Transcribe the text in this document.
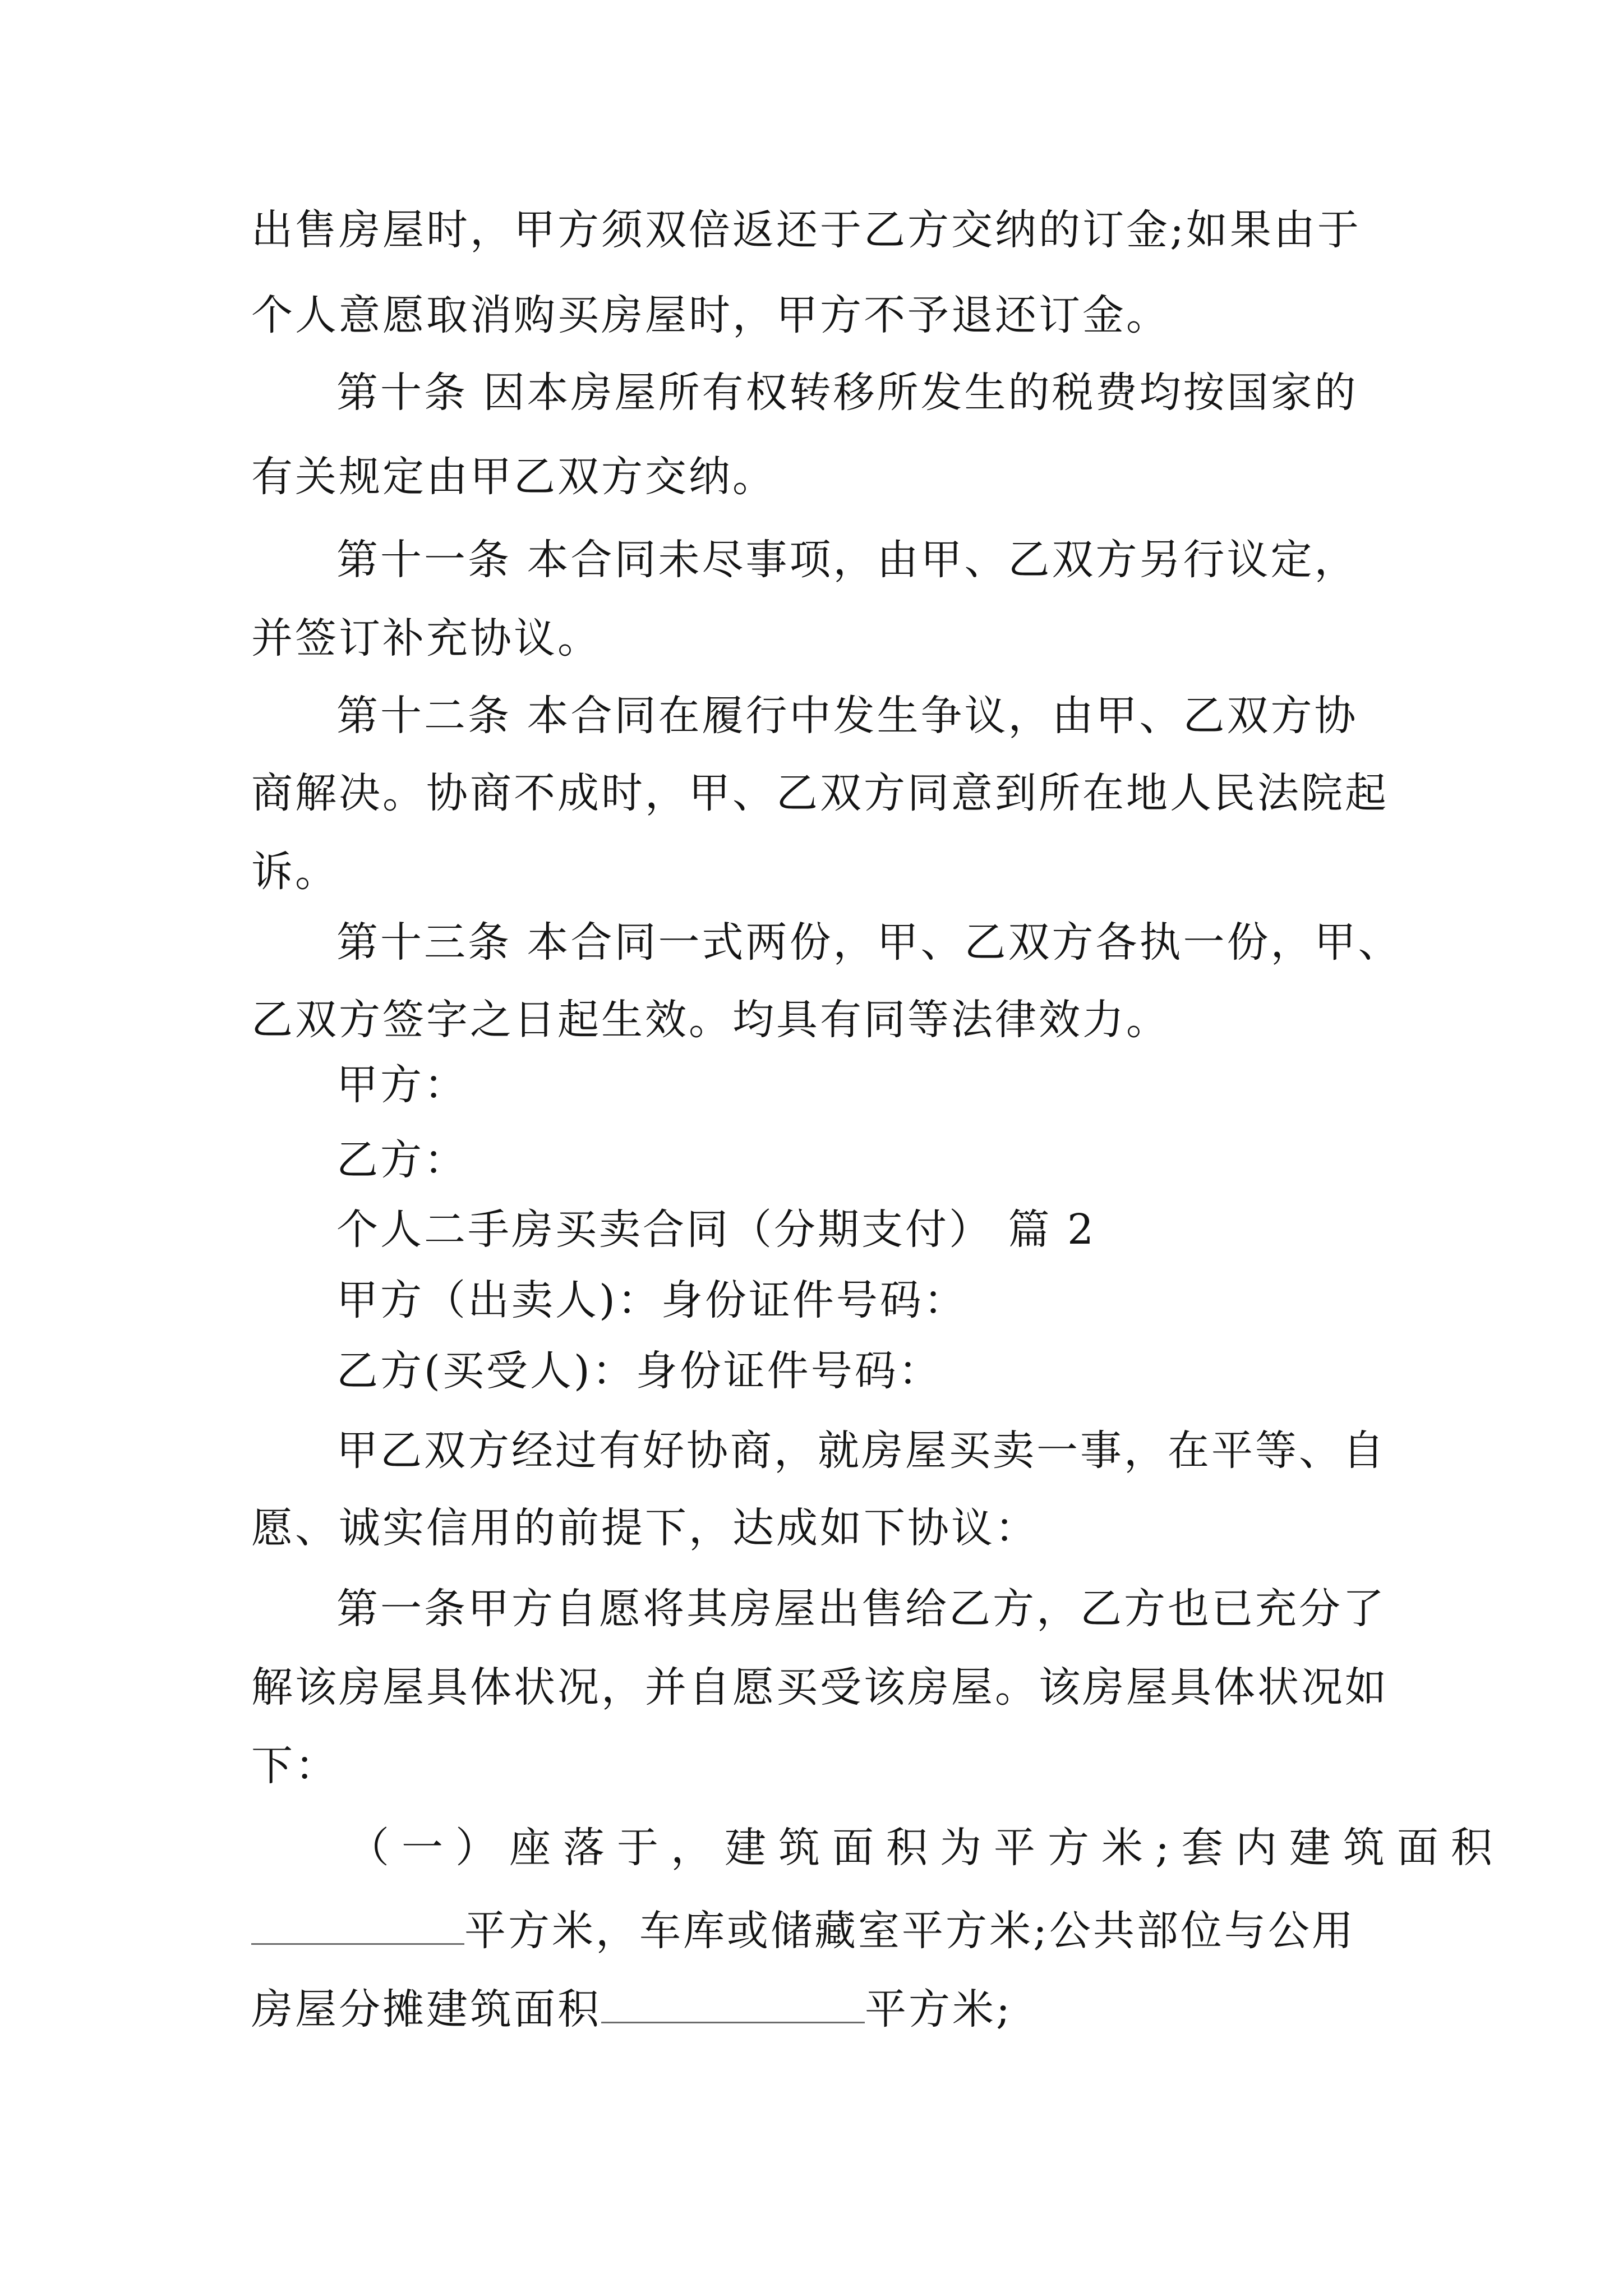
出售房屋时，甲方须双倍返还于乙方交纳的订金;如果由于
个人意愿取消购买房屋时，甲方不予退还订金。
第十条 因本房屋所有权转移所发生的税费均按国家的
有关规定由甲乙双方交纳。
第十一条 本合同未尽事项，由甲、乙双方另行议定，
并签订补充协议。
第十二条 本合同在履行中发生争议，由甲、乙双方协
商解决。协商不成时，甲、乙双方同意到所在地人民法院起
诉。
第十三条 本合同一式两份，甲、乙双方各执一份，甲、
乙双方签字之日起生效。均具有同等法律效力。
甲方：
乙方：
个人二手房买卖合同（分期支付） 篇 2
甲方（出卖人)：身份证件号码：
乙方(买受人)：身份证件号码：
甲乙双方经过有好协商，就房屋买卖一事，在平等、自
愿、诚实信用的前提下，达成如下协议：
第一条甲方自愿将其房屋出售给乙方，乙方也已充分了
解该房屋具体状况，并自愿买受该房屋。该房屋具体状况如
下：
（一）座落于，建筑面积为平方米;套内建筑面积
平方米，车库或储藏室平方米;公共部位与公用
房屋分摊建筑面积	平方米;
